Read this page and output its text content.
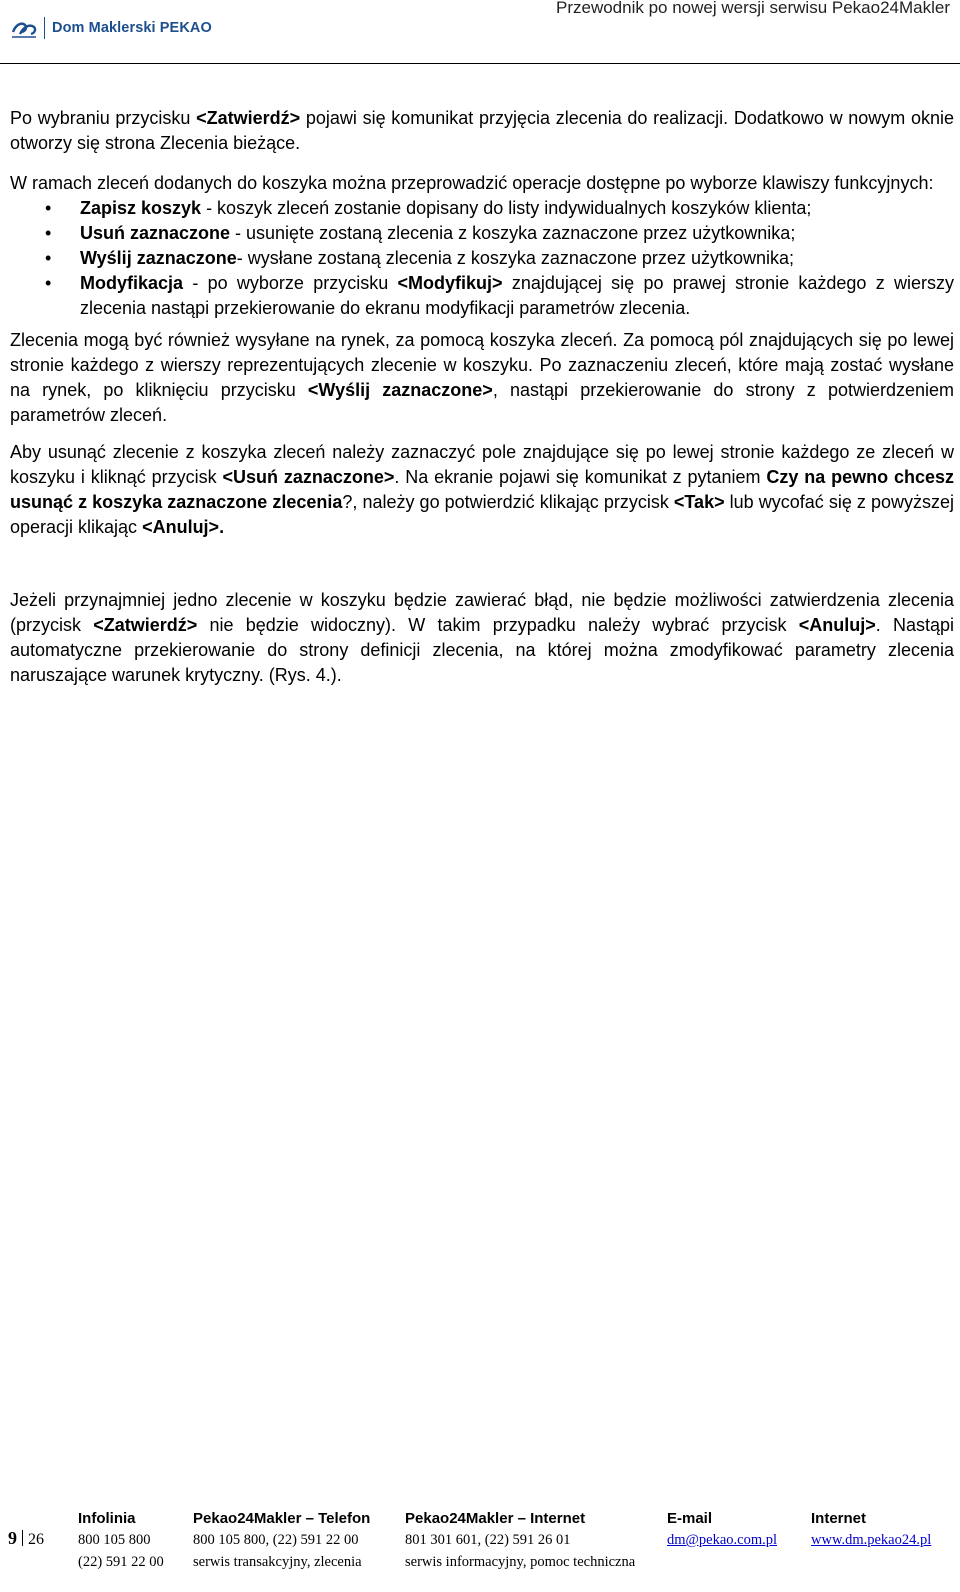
Dom Maklerski PEKAO
Przewodnik po nowej wersji serwisu Pekao24Makler

Po wybraniu przycisku <Zatwierdź> pojawi się komunikat przyjęcia zlecenia do realizacji. Dodatkowo w nowym oknie otworzy się strona Zlecenia bieżące.

W ramach zleceń dodanych do koszyka można przeprowadzić operacje dostępne po wyborze klawiszy funkcyjnych:

• Zapisz koszyk - koszyk zleceń zostanie dopisany do listy indywidualnych koszyków klienta;
• Usuń zaznaczone - usunięte zostaną zlecenia z koszyka zaznaczone przez użytkownika;
• Wyślij zaznaczone- wysłane zostaną zlecenia z koszyka zaznaczone przez użytkownika;
• Modyfikacja - po wyborze przycisku <Modyfikuj> znajdującej się po prawej stronie każdego z wierszy zlecenia nastąpi przekierowanie do ekranu modyfikacji parametrów zlecenia.

Zlecenia mogą być również wysyłane na rynek, za pomocą koszyka zleceń. Za pomocą pól znajdujących się po lewej stronie każdego z wierszy reprezentujących zlecenie w koszyku. Po zaznaczeniu zleceń, które mają zostać wysłane na rynek, po kliknięciu przycisku <Wyślij zaznaczone>, nastąpi przekierowanie do strony z potwierdzeniem parametrów zleceń.

Aby usunąć zlecenie z koszyka zleceń należy zaznaczyć pole znajdujące się po lewej stronie każdego ze zleceń w koszyku i kliknąć przycisk <Usuń zaznaczone>. Na ekranie pojawi się komunikat z pytaniem Czy na pewno chcesz usunąć z koszyka zaznaczone zlecenia?, należy go potwierdzić klikając przycisk <Tak> lub wycofać się z powyższej operacji klikając <Anuluj>.

Jeżeli przynajmniej jedno zlecenie w koszyku będzie zawierać błąd, nie będzie możliwości zatwierdzenia zlecenia (przycisk <Zatwierdź> nie będzie widoczny). W takim przypadku należy wybrać przycisk <Anuluj>. Nastąpi automatyczne przekierowanie do strony definicji zlecenia, na której można zmodyfikować parametry zlecenia naruszające warunek krytyczny. (Rys. 4.).

9 26
Infolinia
800 105 800
(22) 591 22 00
Pekao24Makler – Telefon
800 105 800, (22) 591 22 00
serwis transakcyjny, zlecenia
Pekao24Makler – Internet
801 301 601, (22) 591 26 01
serwis informacyjny, pomoc techniczna
E-mail
dm@pekao.com.pl
Internet
www.dm.pekao24.pl
